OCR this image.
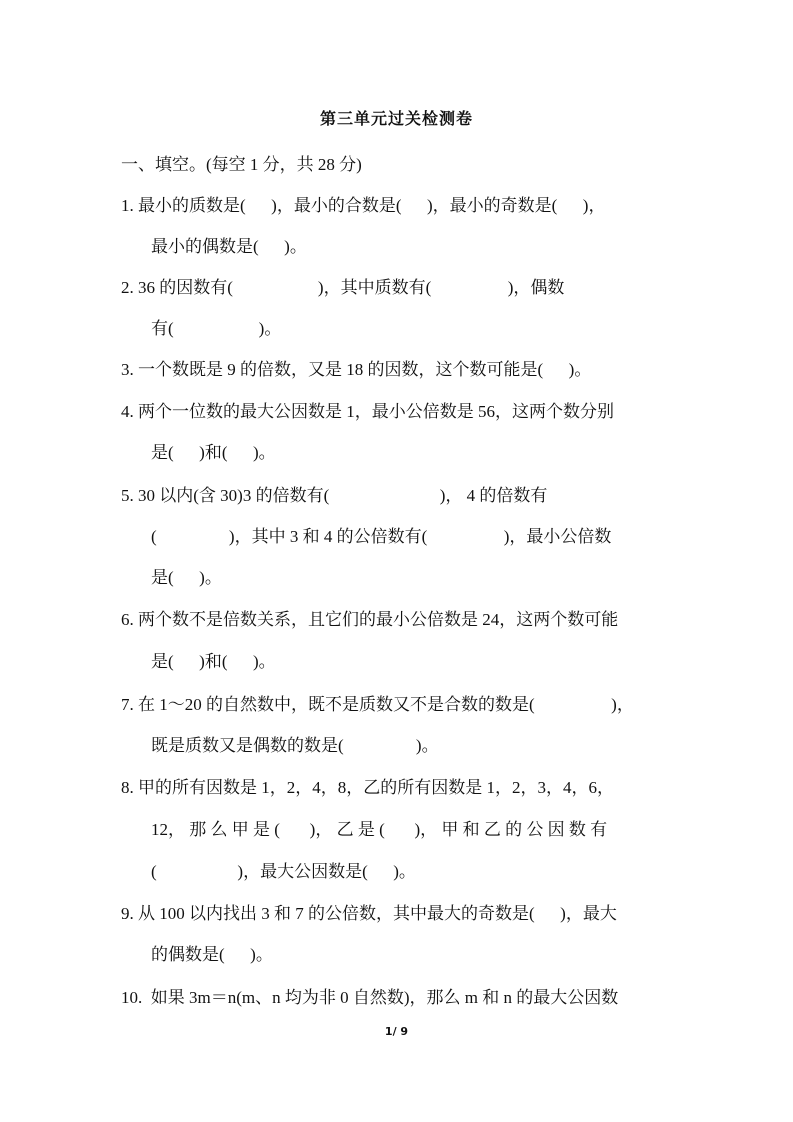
第三单元过关检测卷
一、填空。(每空 1 分，共 28 分)
1. 最小的质数是(      )，最小的合数是(      )，最小的奇数是(      )，
最小的偶数是(      )。
2. 36 的因数有(                    )，其中质数有(                  )，偶数
有(                    )。
3. 一个数既是 9 的倍数，又是 18 的因数，这个数可能是(      )。
4. 两个一位数的最大公因数是 1，最小公倍数是 56，这两个数分别
是(      )和(      )。
5. 30 以内(含 30)3 的倍数有(                          )， 4 的倍数有
(                 )，其中 3 和 4 的公倍数有(                  )，最小公倍数
是(      )。
6. 两个数不是倍数关系，且它们的最小公倍数是 24，这两个数可能
是(      )和(      )。
7. 在 1～20 的自然数中，既不是质数又不是合数的数是(                  )，
既是质数又是偶数的数是(                 )。
8. 甲的所有因数是 1，2，4，8，乙的所有因数是 1，2，3，4，6，
12， 那 么 甲 是 (       )， 乙 是 (       )， 甲 和 乙 的 公 因 数 有
(                   )，最大公因数是(      )。
9. 从 100 以内找出 3 和 7 的公倍数，其中最大的奇数是(      )，最大
的偶数是(      )。
10.  如果 3m＝n(m、n 均为非 0 自然数)，那么 m 和 n 的最大公因数
1/ 9
